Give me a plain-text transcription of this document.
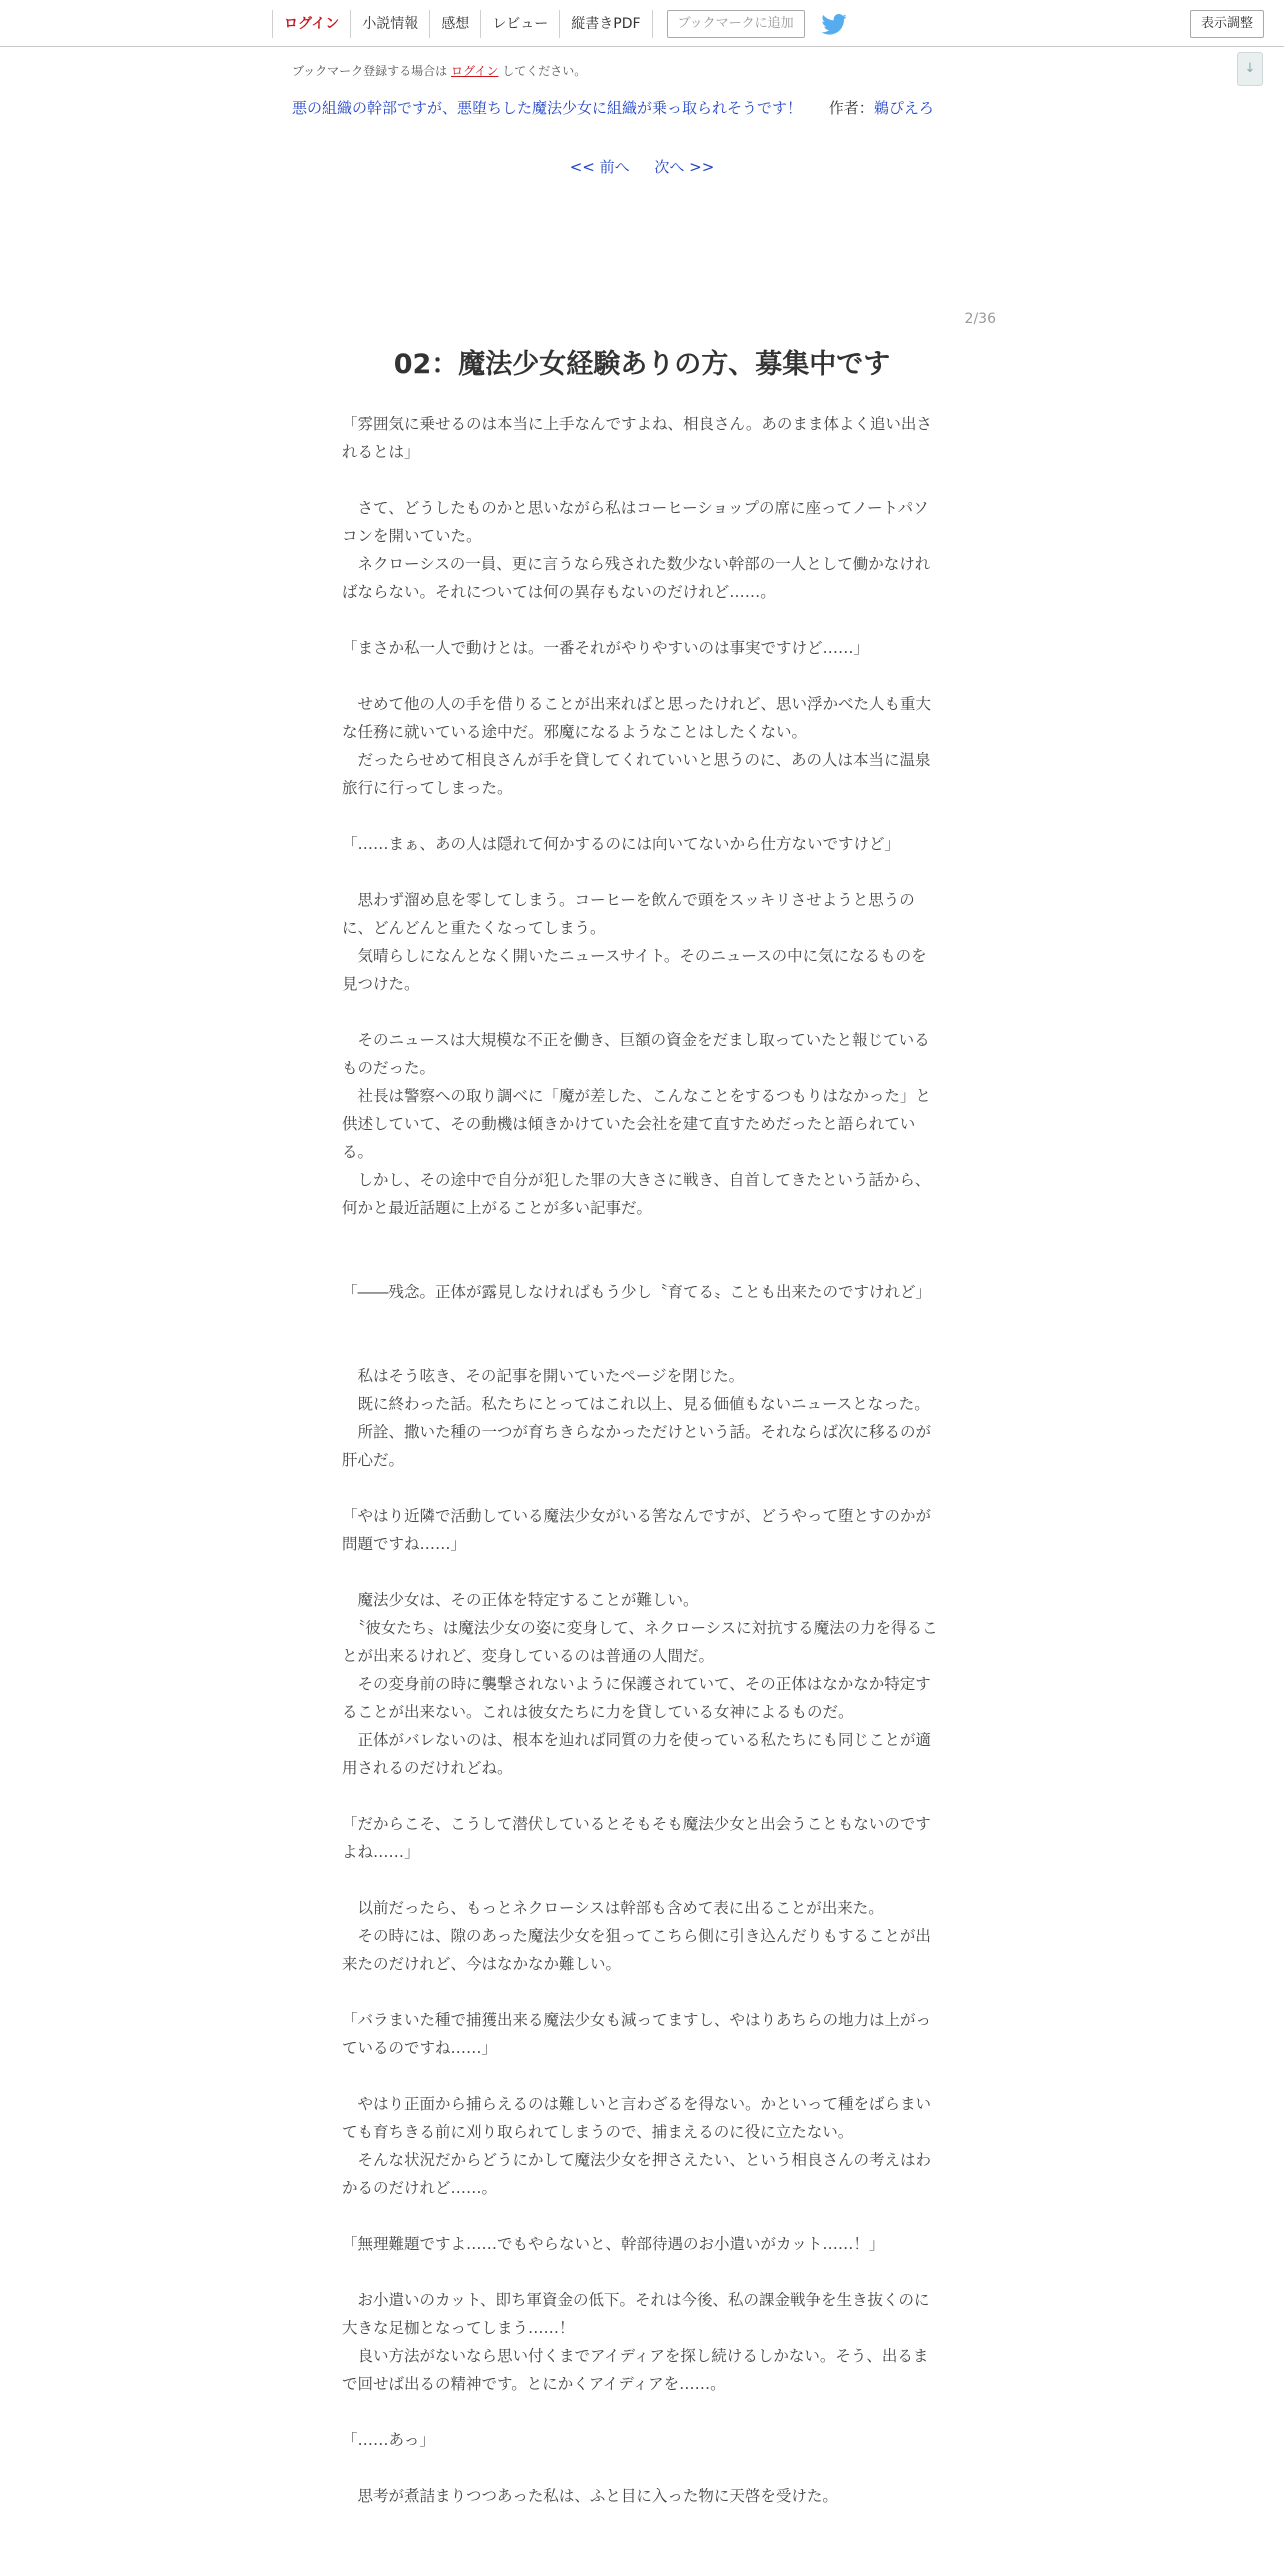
ログイン	小説情報	感想	レビュー	縦書きPDF	ブックマークに追加	表示調整
↓
ブックマーク登録する場合は ログイン してください。
悪の組織の幹部ですが、悪堕ちした魔法少女に組織が乗っ取られそうです！ 作者：鵜ぴえろ
<< 前へ 次へ >>
2/36
02：魔法少女経験ありの方、募集中です

「雰囲気に乗せるのは本当に上手なんですよね、相良さん。あのまま体よく追い出されるとは」

　さて、どうしたものかと思いながら私はコーヒーショップの席に座ってノートパソコンを開いていた。

　ネクローシスの一員、更に言うなら残された数少ない幹部の一人として働かなければならない。それについては何の異存もないのだけれど……。

「まさか私一人で動けとは。一番それがやりやすいのは事実ですけど……」

　せめて他の人の手を借りることが出来ればと思ったけれど、思い浮かべた人も重大な任務に就いている途中だ。邪魔になるようなことはしたくない。

　だったらせめて相良さんが手を貸してくれていいと思うのに、あの人は本当に温泉旅行に行ってしまった。

「……まぁ、あの人は隠れて何かするのには向いてないから仕方ないですけど」

　思わず溜め息を零してしまう。コーヒーを飲んで頭をスッキリさせようと思うのに、どんどんと重たくなってしまう。

　気晴らしになんとなく開いたニュースサイト。そのニュースの中に気になるものを見つけた。

　そのニュースは大規模な不正を働き、巨額の資金をだまし取っていたと報じているものだった。

　社長は警察への取り調べに「魔が差した、こんなことをするつもりはなかった」と供述していて、その動機は傾きかけていた会社を建て直すためだったと語られている。

　しかし、その途中で自分が犯した罪の大きさに戦き、自首してきたという話から、何かと最近話題に上がることが多い記事だ。

「――残念。正体が露見しなければもう少し〝育てる〟ことも出来たのですけれど」

　私はそう呟き、その記事を開いていたページを閉じた。

　既に終わった話。私たちにとってはこれ以上、見る価値もないニュースとなった。

　所詮、撒いた種の一つが育ちきらなかっただけという話。それならば次に移るのが肝心だ。

「やはり近隣で活動している魔法少女がいる筈なんですが、どうやって堕とすのかが問題ですね……」

　魔法少女は、その正体を特定することが難しい。

　〝彼女たち〟は魔法少女の姿に変身して、ネクローシスに対抗する魔法の力を得ることが出来るけれど、変身しているのは普通の人間だ。

　その変身前の時に襲撃されないように保護されていて、その正体はなかなか特定することが出来ない。これは彼女たちに力を貸している女神によるものだ。

　正体がバレないのは、根本を辿れば同質の力を使っている私たちにも同じことが適用されるのだけれどね。

「だからこそ、こうして潜伏しているとそもそも魔法少女と出会うこともないのですよね……」

　以前だったら、もっとネクローシスは幹部も含めて表に出ることが出来た。

　その時には、隙のあった魔法少女を狙ってこちら側に引き込んだりもすることが出来たのだけれど、今はなかなか難しい。

「バラまいた種で捕獲出来る魔法少女も減ってますし、やはりあちらの地力は上がっているのですね……」

　やはり正面から捕らえるのは難しいと言わざるを得ない。かといって種をばらまいても育ちきる前に刈り取られてしまうので、捕まえるのに役に立たない。

　そんな状況だからどうにかして魔法少女を押さえたい、という相良さんの考えはわかるのだけれど……。

「無理難題ですよ……でもやらないと、幹部待遇のお小遣いがカット……！」

　お小遣いのカット、即ち軍資金の低下。それは今後、私の課金戦争を生き抜くのに大きな足枷となってしまう……！

　良い方法がないなら思い付くまでアイディアを探し続けるしかない。そう、出るまで回せば出るの精神です。とにかくアイディアを……。

「……あっ」

　思考が煮詰まりつつあった私は、ふと目に入った物に天啓を受けた。
